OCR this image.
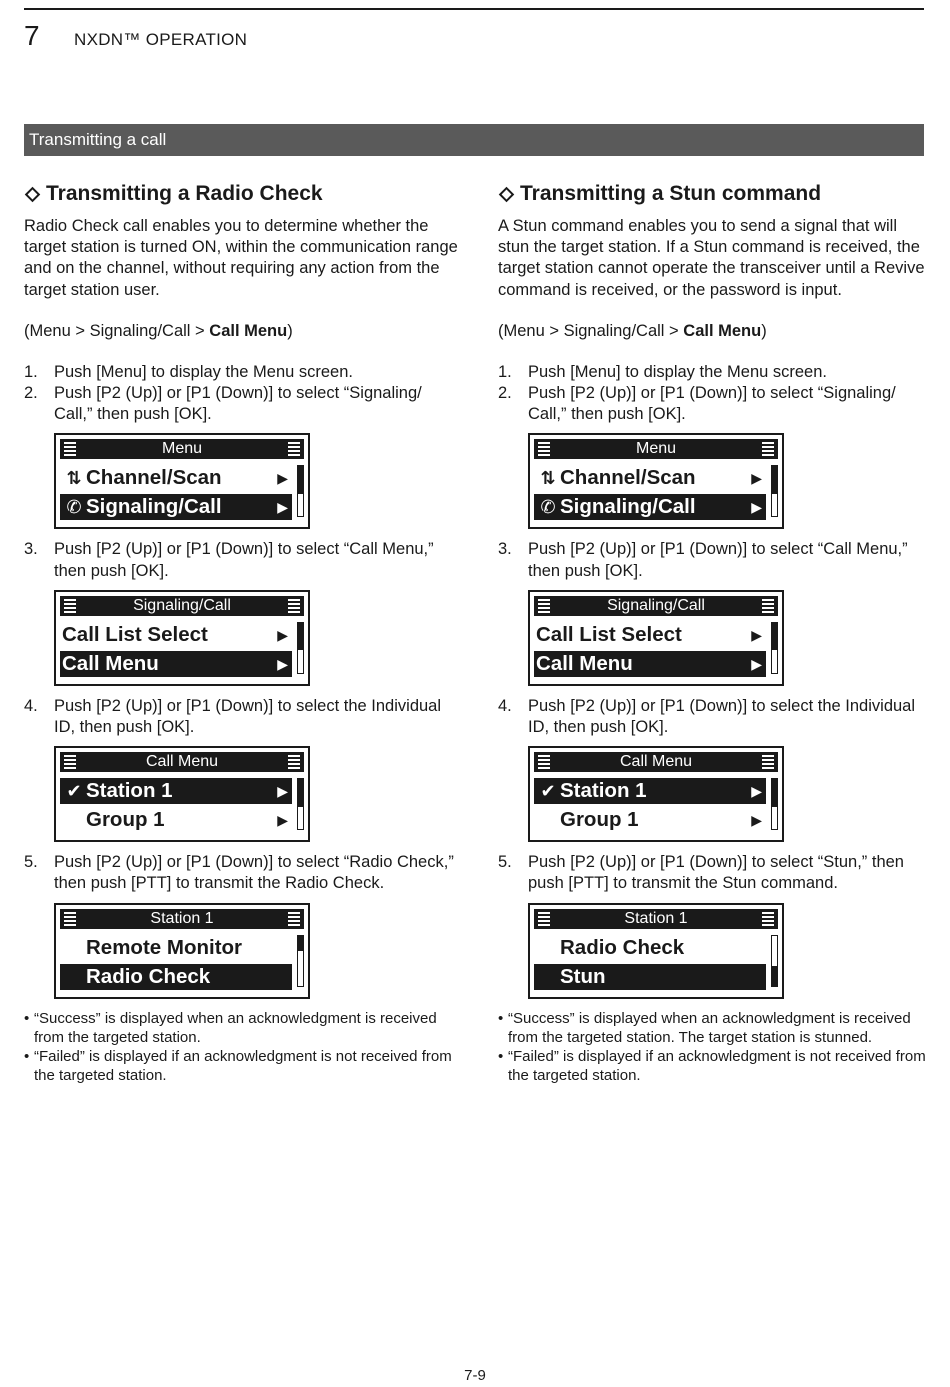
7 NXDN™ OPERATION
Transmitting a call
Transmitting a Radio Check
Radio Check call enables you to determine whether the target station is turned ON, within the communication range and on the channel, without requiring any action from the target station user.
(Menu > Signaling/Call > Call Menu)
1. Push [Menu] to display the Menu screen.
2. Push [P2 (Up)] or [P1 (Down)] to select “Signaling/ Call,” then push [OK].
Menu
⇅ Channel/Scan	▶
✆ Signaling/Call	▶
3. Push [P2 (Up)] or [P1 (Down)] to select “Call Menu,” then push [OK].
Signaling/Call
Call List Select	▶
Call Menu	▶
4. Push [P2 (Up)] or [P1 (Down)] to select the Individual ID, then push [OK].
Call Menu
✔ Station 1	▶
Group 1	▶
5. Push [P2 (Up)] or [P1 (Down)] to select “Radio Check,” then push [PTT] to transmit the Radio Check.
Station 1
Remote Monitor
Radio Check
• “Success” is displayed when an acknowledgment is received from the targeted station.
• “Failed” is displayed if an acknowledgment is not received from the targeted station.
Transmitting a Stun command
A Stun command enables you to send a signal that will stun the target station. If a Stun command is received, the target station cannot operate the transceiver until a Revive command is received, or the password is input.
(Menu > Signaling/Call > Call Menu)
1. Push [Menu] to display the Menu screen.
2. Push [P2 (Up)] or [P1 (Down)] to select “Signaling/ Call,” then push [OK].
Menu
⇅ Channel/Scan	▶
✆ Signaling/Call	▶
3. Push [P2 (Up)] or [P1 (Down)] to select “Call Menu,” then push [OK].
Signaling/Call
Call List Select	▶
Call Menu	▶
4. Push [P2 (Up)] or [P1 (Down)] to select the Individual ID, then push [OK].
Call Menu
✔ Station 1	▶
Group 1	▶
5. Push [P2 (Up)] or [P1 (Down)] to select “Stun,” then push [PTT] to transmit the Stun command.
Station 1
Radio Check
Stun
• “Success” is displayed when an acknowledgment is received from the targeted station. The target station is stunned.
• “Failed” is displayed if an acknowledgment is not received from the targeted station.
7-9
